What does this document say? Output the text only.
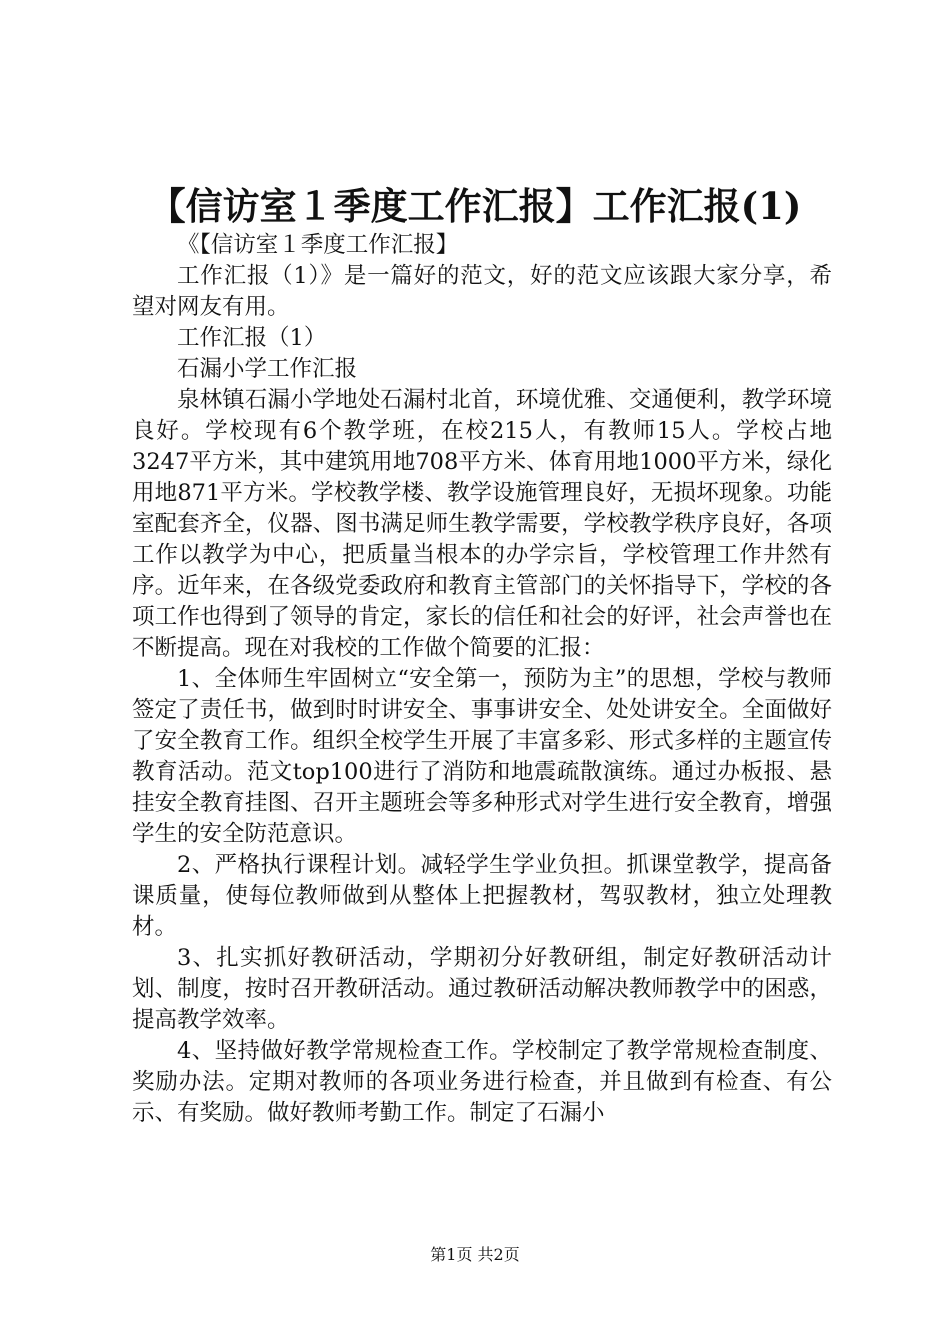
【信访室１季度工作汇报】工作汇报(1)

《【信访室１季度工作汇报】

工作汇报（1）》是一篇好的范文，好的范文应该跟大家分享，希望对网友有用。

工作汇报（1）

石漏小学工作汇报

泉林镇石漏小学地处石漏村北首，环境优雅、交通便利，教学环境良好。学校现有6个教学班，在校215人，有教师15人。学校占地3247平方米，其中建筑用地708平方米、体育用地1000平方米，绿化用地871平方米。学校教学楼、教学设施管理良好，无损坏现象。功能室配套齐全，仪器、图书满足师生教学需要，学校教学秩序良好，各项工作以教学为中心，把质量当根本的办学宗旨，学校管理工作井然有序。近年来，在各级党委政府和教育主管部门的关怀指导下，学校的各项工作也得到了领导的肯定，家长的信任和社会的好评，社会声誉也在不断提高。现在对我校的工作做个简要的汇报：

1、全体师生牢固树立“安全第一，预防为主”的思想，学校与教师签定了责任书，做到时时讲安全、事事讲安全、处处讲安全。全面做好了安全教育工作。组织全校学生开展了丰富多彩、形式多样的主题宣传教育活动。范文top100进行了消防和地震疏散演练。通过办板报、悬挂安全教育挂图、召开主题班会等多种形式对学生进行安全教育，增强学生的安全防范意识。

2、严格执行课程计划。减轻学生学业负担。抓课堂教学，提高备课质量，使每位教师做到从整体上把握教材，驾驭教材，独立处理教材。

3、扎实抓好教研活动，学期初分好教研组，制定好教研活动计划、制度，按时召开教研活动。通过教研活动解决教师教学中的困惑，提高教学效率。

4、坚持做好教学常规检查工作。学校制定了教学常规检查制度、奖励办法。定期对教师的各项业务进行检查，并且做到有检查、有公示、有奖励。做好教师考勤工作。制定了石漏小

第1页 共2页
